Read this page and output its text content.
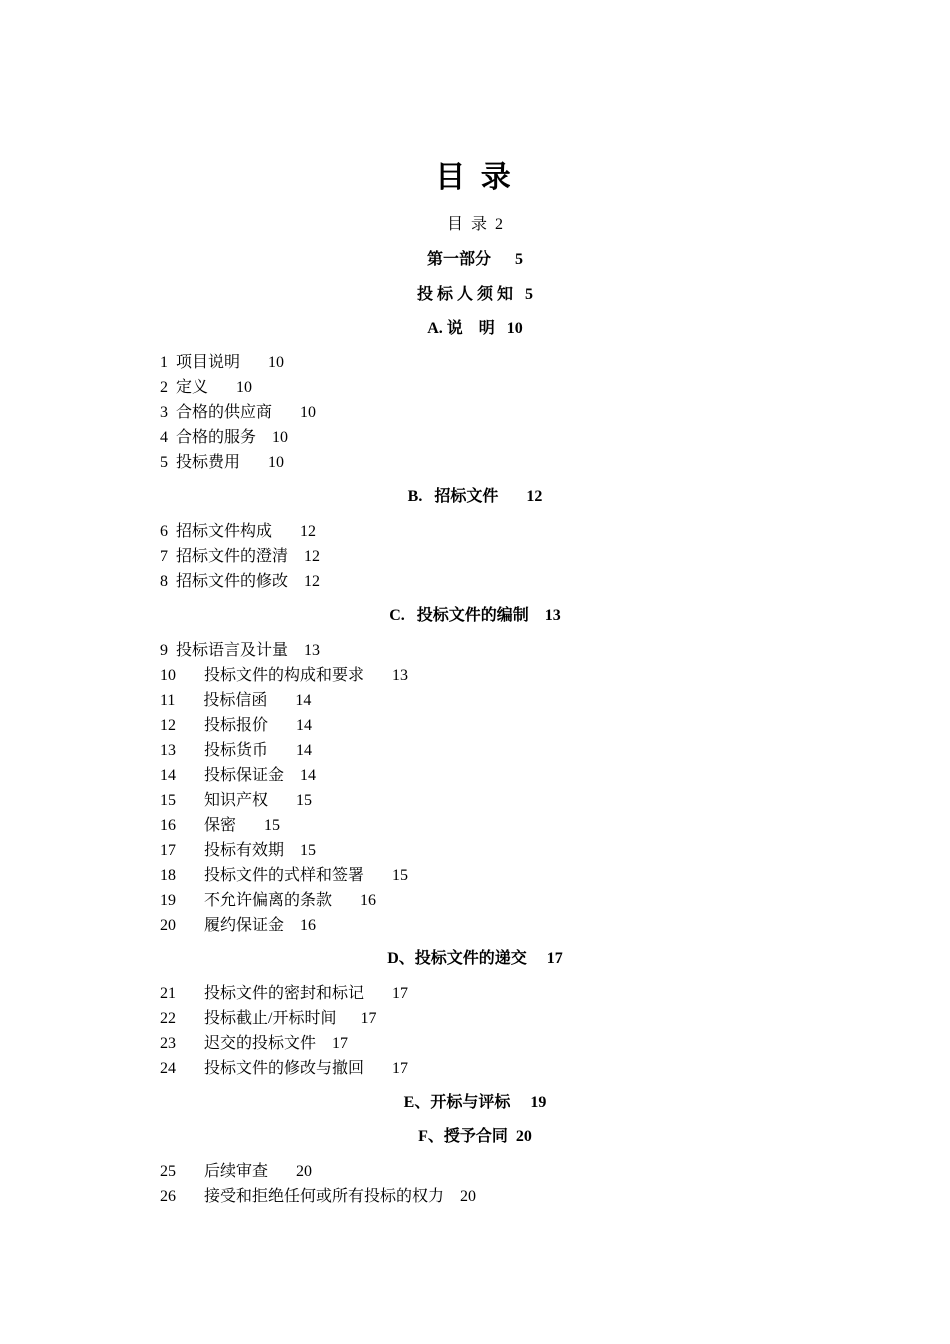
目 录
目  录  2
第一部分      5
投 标 人 须 知   5
A. 说    明   10
1  项目说明       10
2  定义       10
3  合格的供应商       10
4  合格的服务    10
5  投标费用       10
B.   招标文件       12
6  招标文件构成       12
7  招标文件的澄清    12
8  招标文件的修改    12
C.   投标文件的编制    13
9  投标语言及计量    13
10       投标文件的构成和要求       13
11       投标信函       14
12       投标报价       14
13       投标货币       14
14       投标保证金    14
15       知识产权       15
16       保密       15
17       投标有效期    15
18       投标文件的式样和签署       15
19       不允许偏离的条款       16
20       履约保证金    16
D、投标文件的递交     17
21       投标文件的密封和标记       17
22       投标截止/开标时间      17
23       迟交的投标文件    17
24       投标文件的修改与撤回       17
E、开标与评标     19
F、授予合同  20
25       后续审查       20
26       接受和拒绝任何或所有投标的权力    20
